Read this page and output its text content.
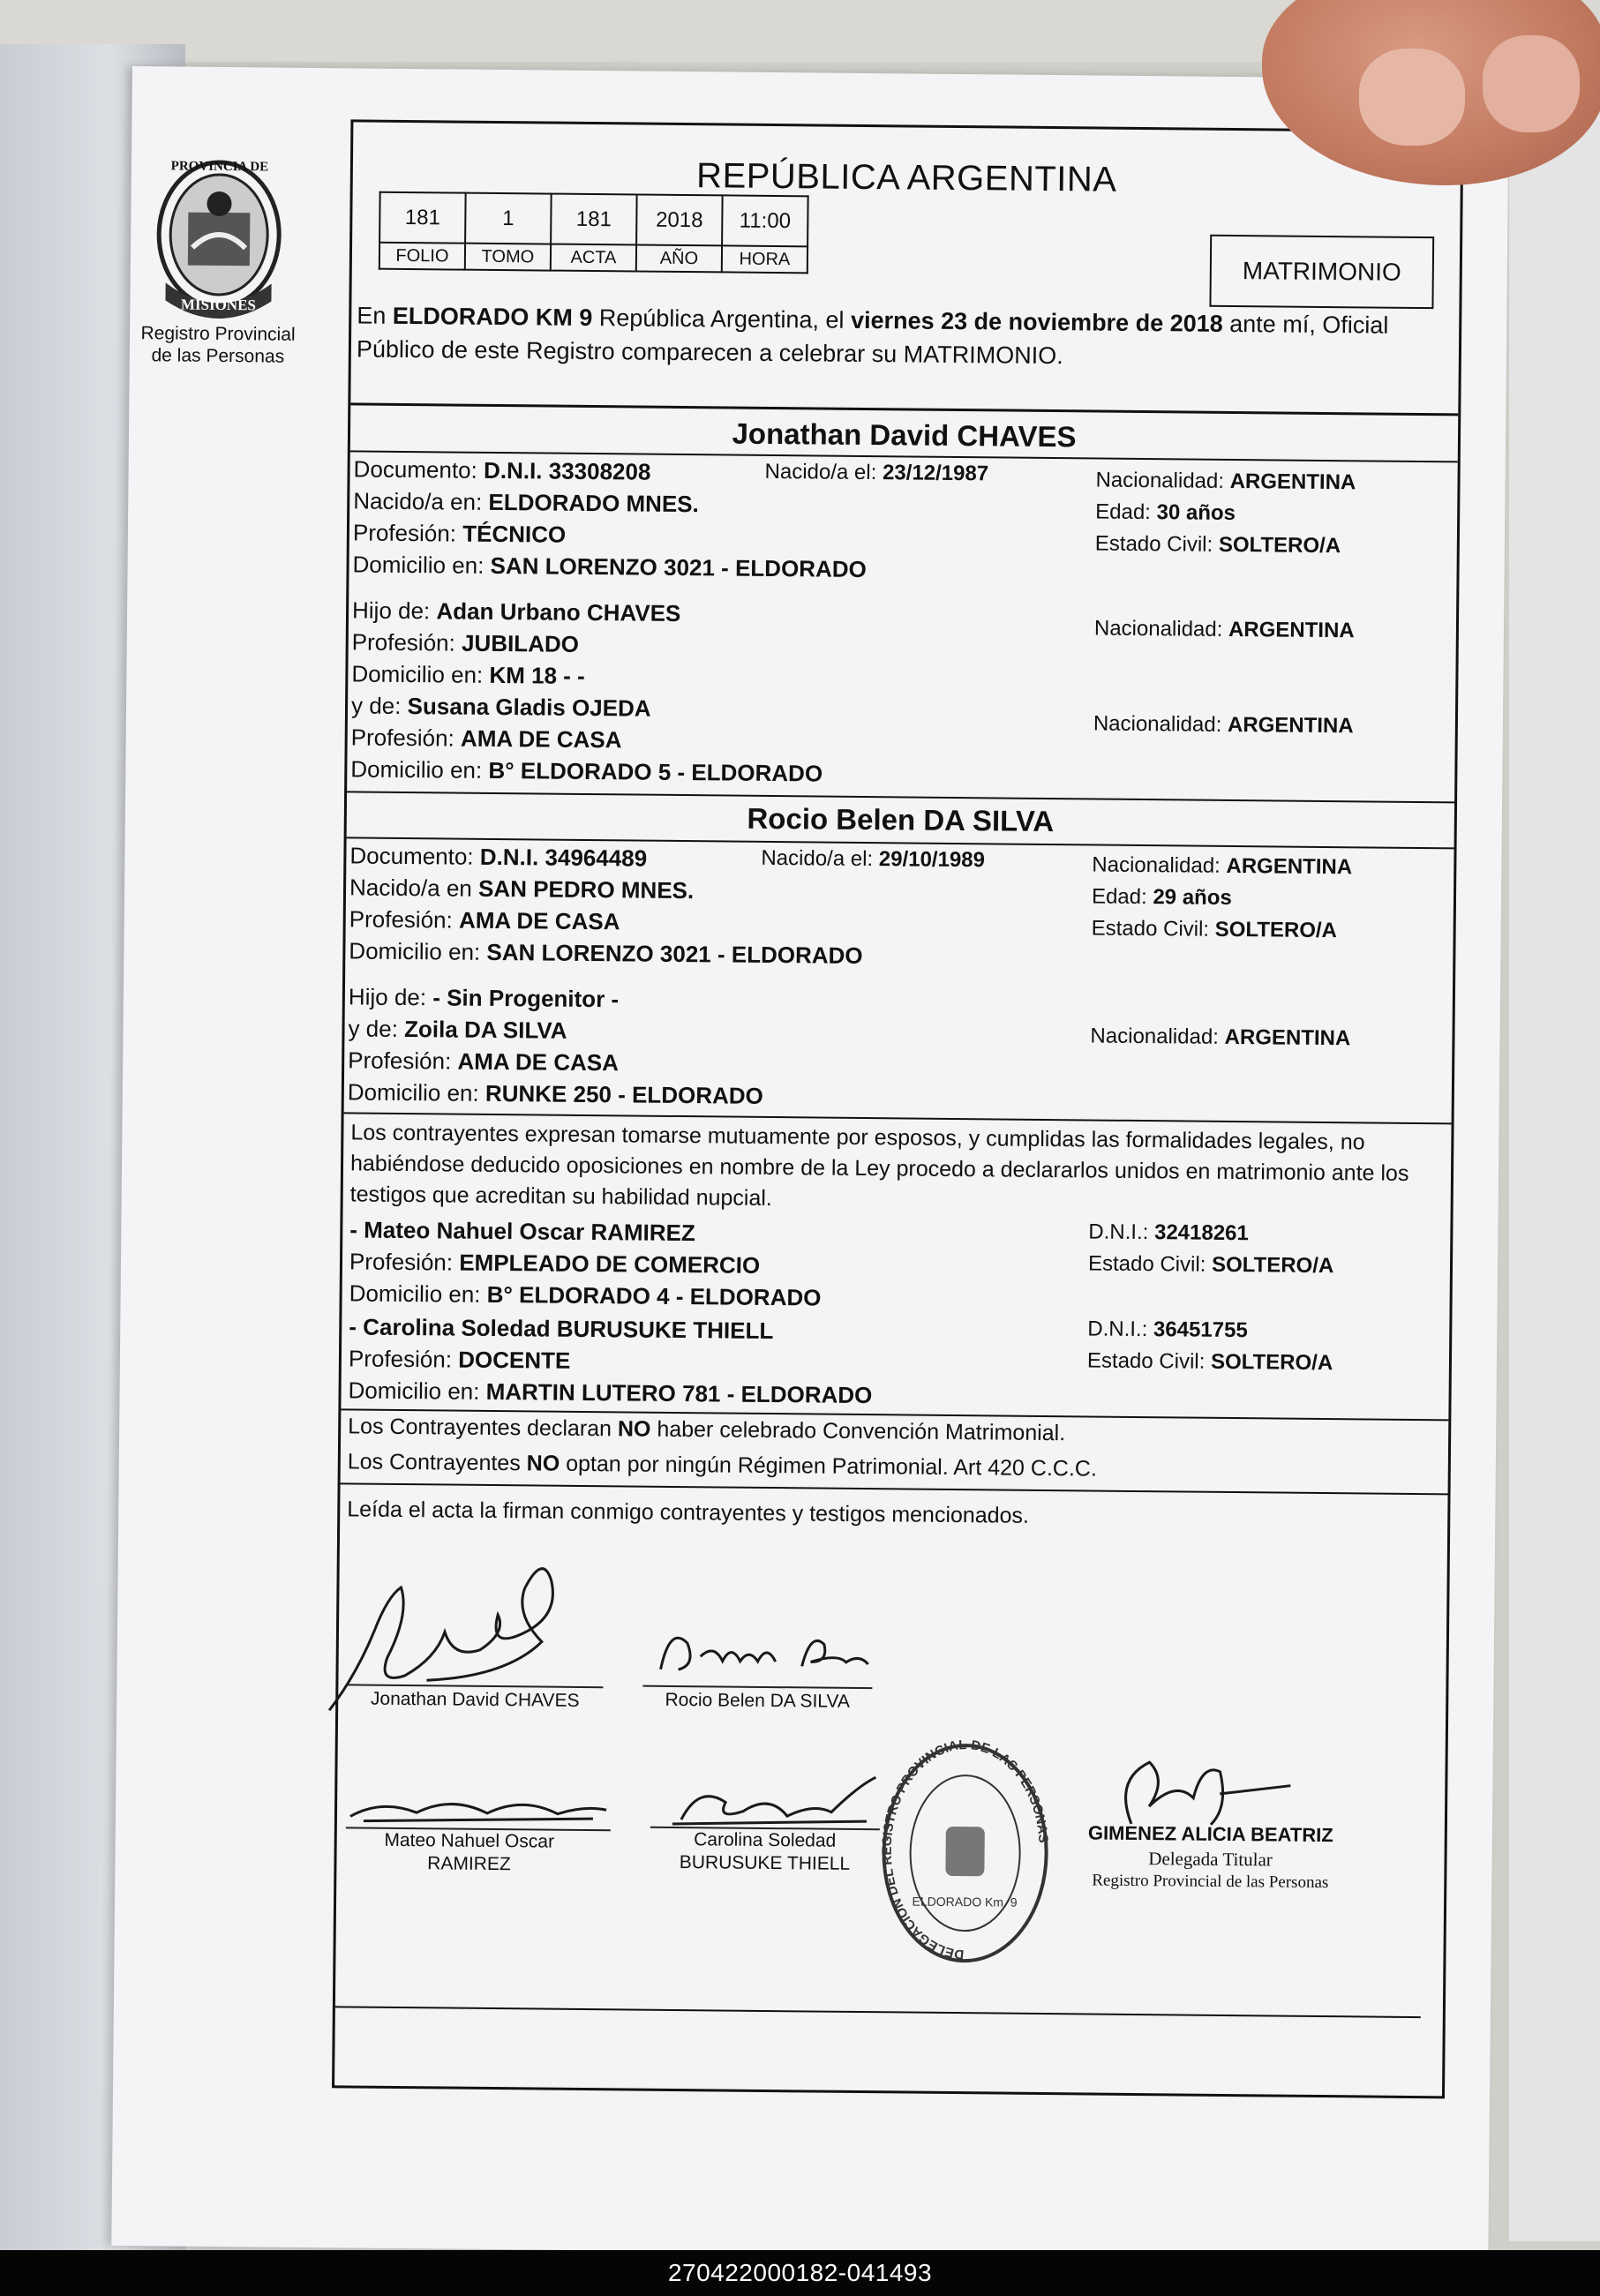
PROVINCIA DE
MISIONES
Registro Provincial
de las Personas
REPÚBLICA ARGENTINA
181	1	181	2018	11:00
FOLIO	TOMO	ACTA	AÑO	HORA	MATRIMONIO
En ELDORADO KM 9 República Argentina, el viernes 23 de noviembre de 2018 ante mí, Oficial Público de este Registro comparecen a celebrar su MATRIMONIO.
Jonathan David CHAVES
Documento: D.N.I. 33308208	Nacido/a el: 23/12/1987	Nacionalidad: ARGENTINA
Nacido/a en: ELDORADO MNES.	Edad: 30 años
Profesión: TÉCNICO	Estado Civil: SOLTERO/A
Domicilio en: SAN LORENZO 3021 - ELDORADO
Hijo de: Adan Urbano CHAVES
Nacionalidad: ARGENTINA
Profesión: JUBILADO
Domicilio en: KM 18 - -
y de: Susana Gladis OJEDA
Nacionalidad: ARGENTINA
Profesión: AMA DE CASA
Domicilio en: B° ELDORADO 5 - ELDORADO
Rocio Belen DA SILVA
Documento: D.N.I. 34964489	Nacido/a el: 29/10/1989	Nacionalidad: ARGENTINA
Nacido/a en SAN PEDRO MNES.	Edad: 29 años
Profesión: AMA DE CASA	Estado Civil: SOLTERO/A
Domicilio en: SAN LORENZO 3021 - ELDORADO
Hijo de: - Sin Progenitor -
y de: Zoila DA SILVA	Nacionalidad: ARGENTINA
Profesión: AMA DE CASA
Domicilio en: RUNKE 250 - ELDORADO
Los contrayentes expresan tomarse mutuamente por esposos, y cumplidas las formalidades legales, no habiéndose deducido oposiciones en nombre de la Ley procedo a declararlos unidos en matrimonio ante los testigos que acreditan su habilidad nupcial.
- Mateo Nahuel Oscar RAMIREZ	D.N.I.: 32418261
Profesión: EMPLEADO DE COMERCIO	Estado Civil: SOLTERO/A
Domicilio en: B° ELDORADO 4 - ELDORADO
- Carolina Soledad BURUSUKE THIELL	D.N.I.: 36451755
Profesión: DOCENTE	Estado Civil: SOLTERO/A
Domicilio en: MARTIN LUTERO 781 - ELDORADO
Los Contrayentes declaran NO haber celebrado Convención Matrimonial.
Los Contrayentes NO optan por ningún Régimen Patrimonial. Art 420 C.C.C.
Leída el acta la firman conmigo contrayentes y testigos mencionados.
Jonathan David CHAVES	Rocio Belen DA SILVA
Mateo Nahuel Oscar
RAMIREZ
Carolina Soledad
BURUSUKE THIELL
DELEGACION DEL REGISTRO PROVINCIAL DE LAS PERSONAS
ELDORADO Km. 9
GIMENEZ ALICIA BEATRIZ
Delegada Titular
Registro Provincial de las Personas
270422000182-041493
